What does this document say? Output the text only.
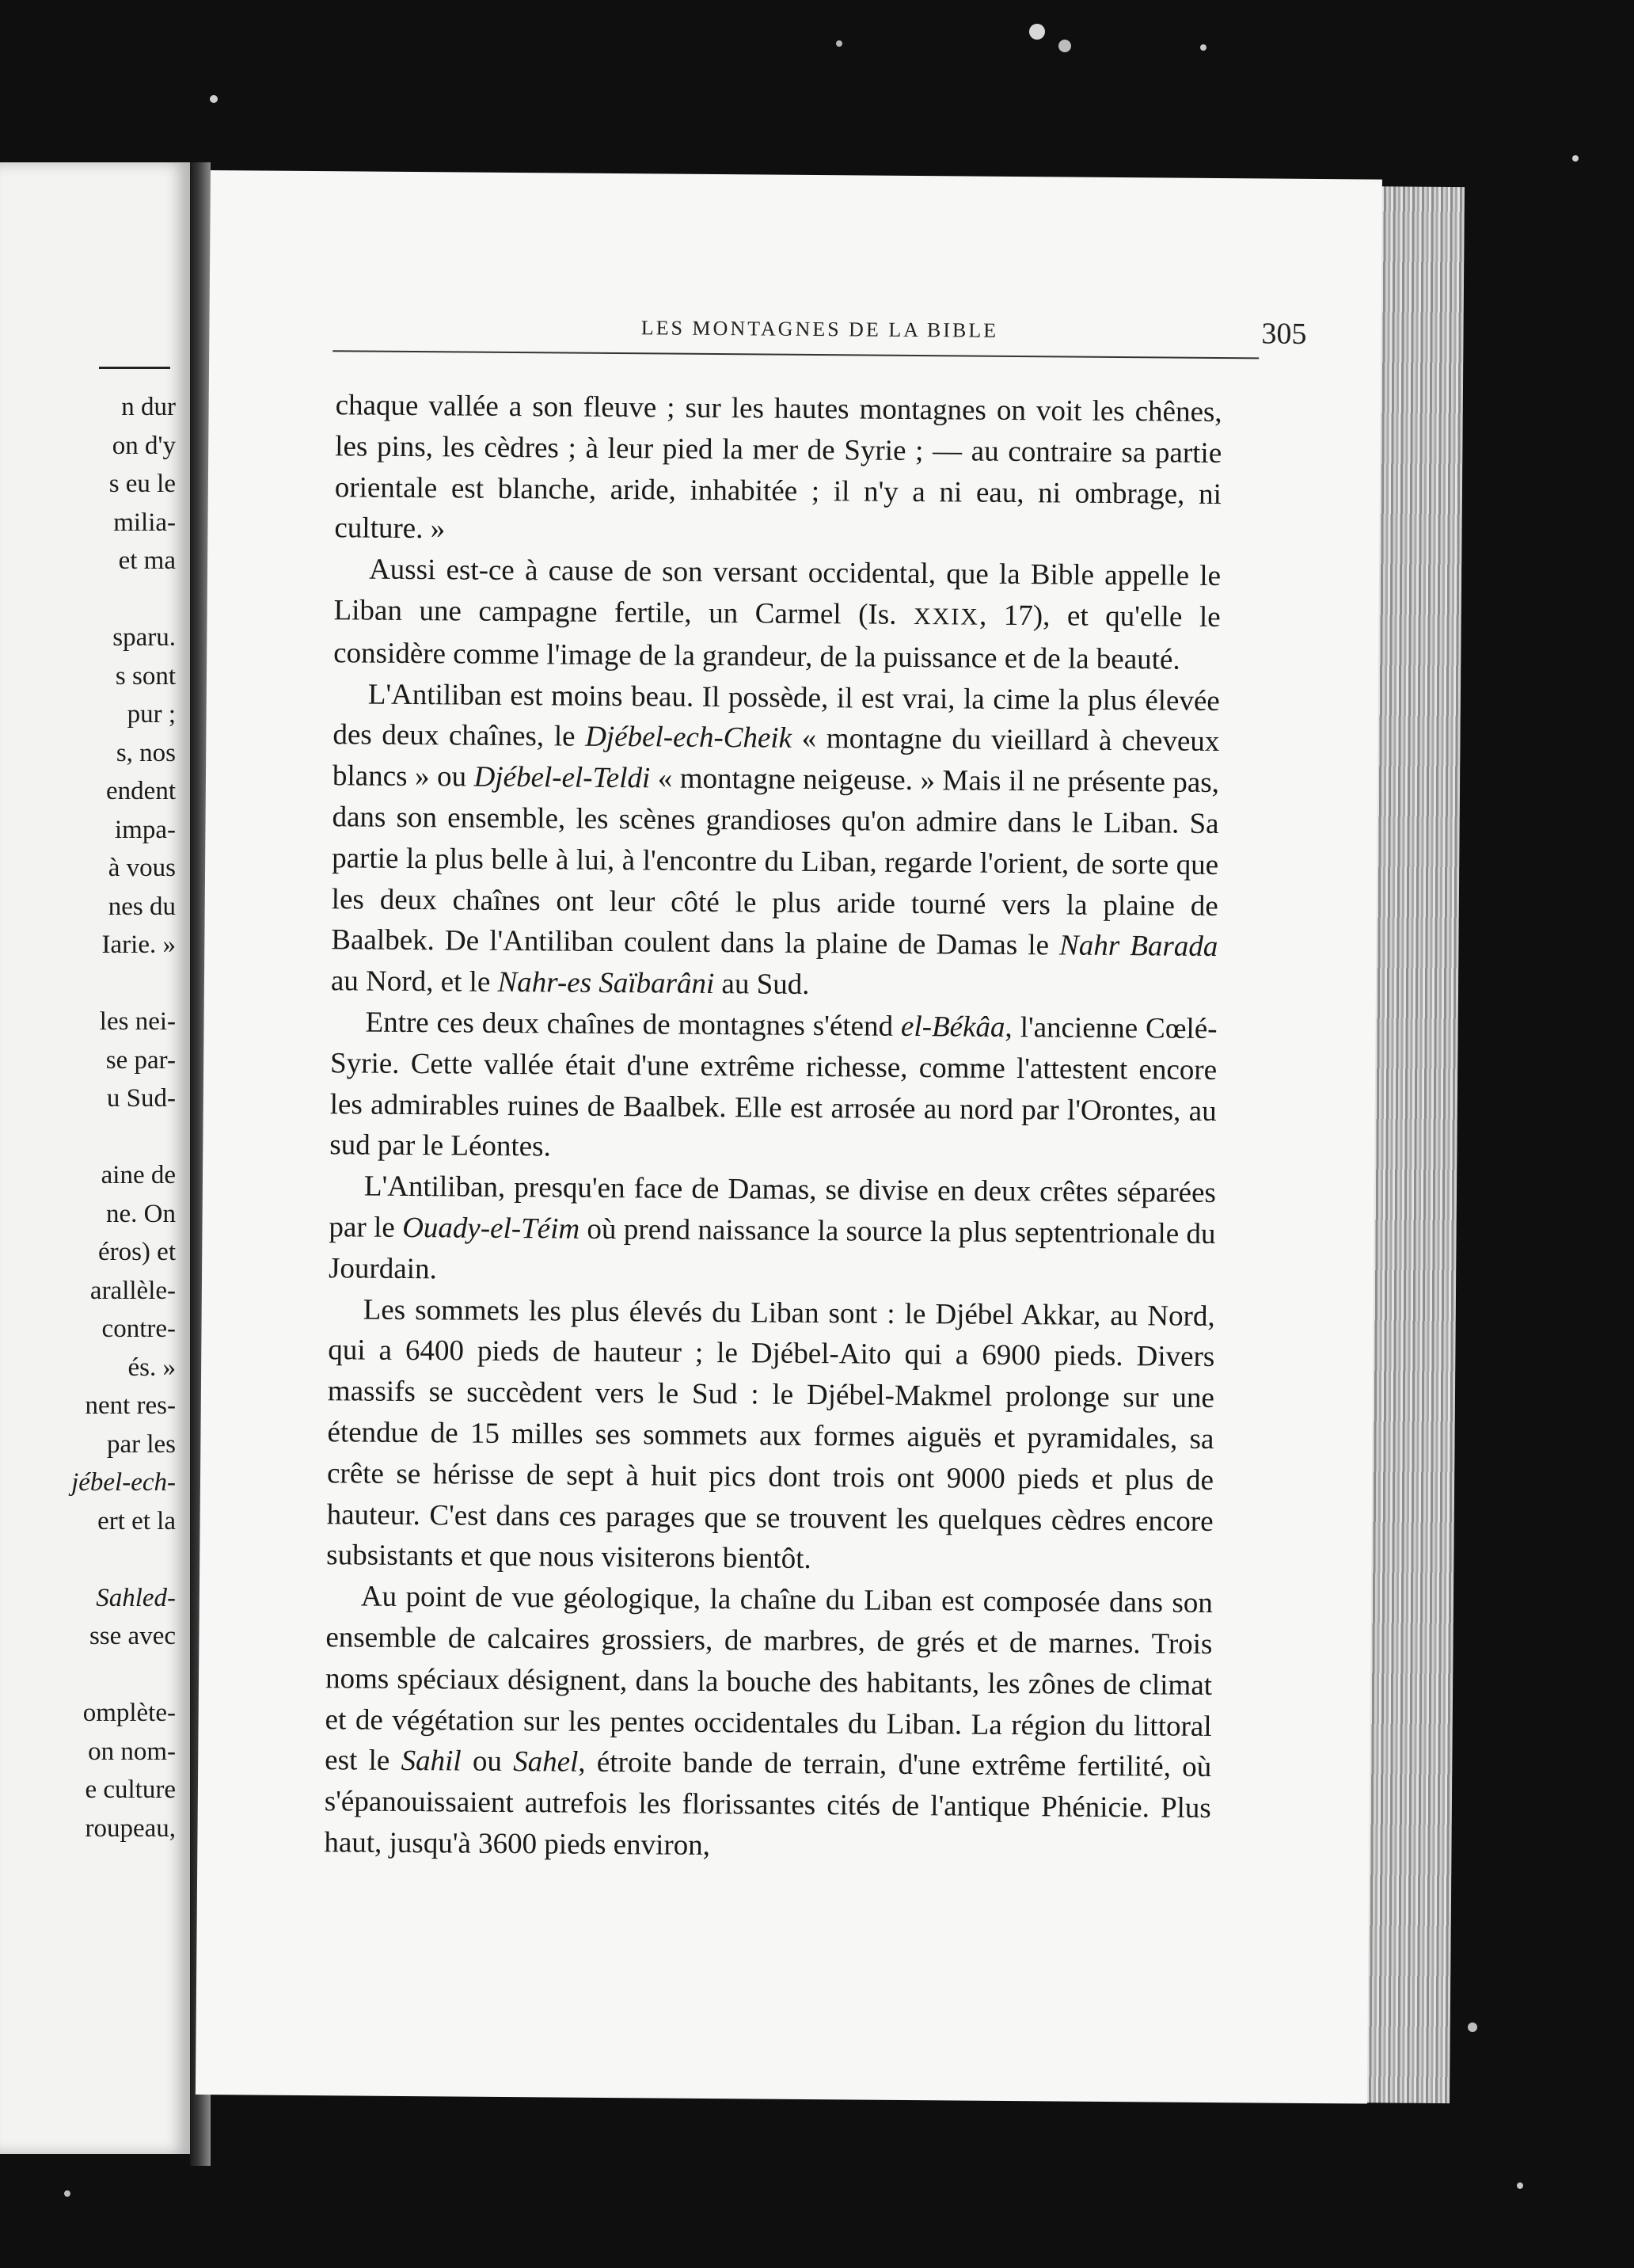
n dur
on d'y
s eu le
milia-
et ma
sparu.
s sont
pur ;
s, nos
endent
impa-
à vous
nes du
Iarie. »
les nei-
se par-
u Sud-
aine de
ne. On
éros) et
arallèle-
contre-
és. »
nent res-
par les
jébel-ech-
ert et la
Sahled-
sse avec
omplète-
on nom-
e culture
roupeau,
LES MONTAGNES DE LA BIBLE	305

chaque vallée a son fleuve ; sur les hautes montagnes on voit les chênes, les pins, les cèdres ; à leur pied la mer de Syrie ; — au contraire sa partie orientale est blanche, aride, inhabitée ; il n'y a ni eau, ni ombrage, ni culture. »

Aussi est-ce à cause de son versant occidental, que la Bible appelle le Liban une campagne fertile, un Carmel (Is. XXIX, 17), et qu'elle le considère comme l'image de la grandeur, de la puissance et de la beauté.

L'Antiliban est moins beau. Il possède, il est vrai, la cime la plus élevée des deux chaînes, le Djébel-ech-Cheik « montagne du vieillard à cheveux blancs » ou Djébel-el-Teldi « montagne neigeuse. » Mais il ne présente pas, dans son ensemble, les scènes grandioses qu'on admire dans le Liban. Sa partie la plus belle à lui, à l'encontre du Liban, regarde l'orient, de sorte que les deux chaînes ont leur côté le plus aride tourné vers la plaine de Baalbek. De l'Antiliban coulent dans la plaine de Damas le Nahr Barada au Nord, et le Nahr-es Saïbarâni au Sud.

Entre ces deux chaînes de montagnes s'étend el-Békâa, l'ancienne Cœlé-Syrie. Cette vallée était d'une extrême richesse, comme l'attestent encore les admirables ruines de Baalbek. Elle est arrosée au nord par l'Orontes, au sud par le Léontes.

L'Antiliban, presqu'en face de Damas, se divise en deux crêtes séparées par le Ouady-el-Téim où prend naissance la source la plus septentrionale du Jourdain.

Les sommets les plus élevés du Liban sont : le Djébel Akkar, au Nord, qui a 6400 pieds de hauteur ; le Djébel-Aito qui a 6900 pieds. Divers massifs se succèdent vers le Sud : le Djébel-Makmel prolonge sur une étendue de 15 milles ses sommets aux formes aiguës et pyramidales, sa crête se hérisse de sept à huit pics dont trois ont 9000 pieds et plus de hauteur. C'est dans ces parages que se trouvent les quelques cèdres encore subsistants et que nous visiterons bientôt.

Au point de vue géologique, la chaîne du Liban est composée dans son ensemble de calcaires grossiers, de marbres, de grés et de marnes. Trois noms spéciaux désignent, dans la bouche des habitants, les zônes de climat et de végétation sur les pentes occidentales du Liban. La région du littoral est le Sahil ou Sahel, étroite bande de terrain, d'une extrême fertilité, où s'épanouissaient autrefois les florissantes cités de l'antique Phénicie. Plus haut, jusqu'à 3600 pieds environ,
